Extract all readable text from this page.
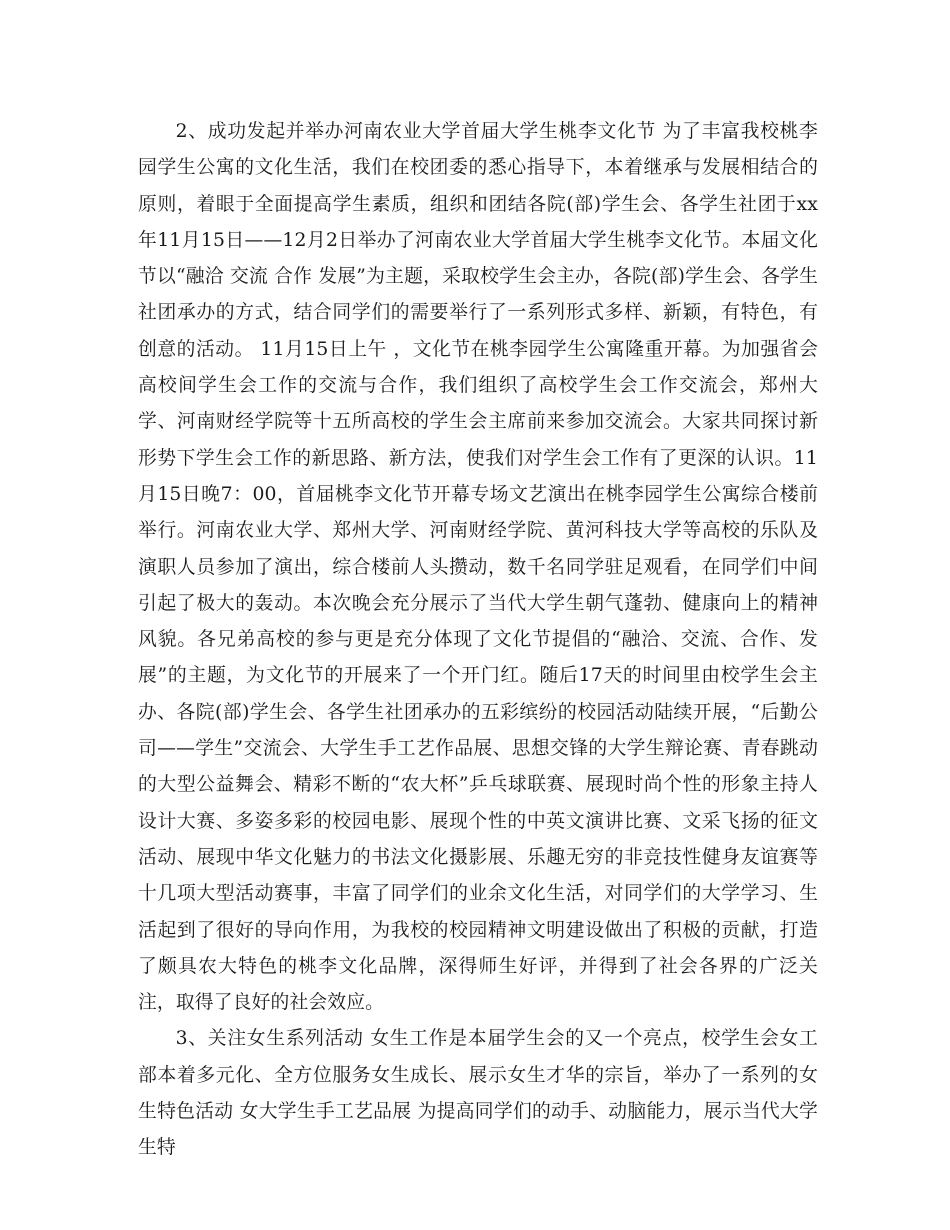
2、成功发起并举办河南农业大学首届大学生桃李文化节 为了丰富我校桃李园学生公寓的文化生活，我们在校团委的悉心指导下，本着继承与发展相结合的原则，着眼于全面提高学生素质，组织和团结各院(部)学生会、各学生社团于xx年11月15日——12月2日举办了河南农业大学首届大学生桃李文化节。本届文化节以“融洽 交流 合作 发展”为主题，采取校学生会主办，各院(部)学生会、各学生社团承办的方式，结合同学们的需要举行了一系列形式多样、新颖，有特色，有创意的活动。 11月15日上午 ，文化节在桃李园学生公寓隆重开幕。为加强省会高校间学生会工作的交流与合作，我们组织了高校学生会工作交流会，郑州大学、河南财经学院等十五所高校的学生会主席前来参加交流会。大家共同探讨新形势下学生会工作的新思路、新方法，使我们对学生会工作有了更深的认识。11月15日晚7：00，首届桃李文化节开幕专场文艺演出在桃李园学生公寓综合楼前举行。河南农业大学、郑州大学、河南财经学院、黄河科技大学等高校的乐队及演职人员参加了演出，综合楼前人头攒动，数千名同学驻足观看，在同学们中间引起了极大的轰动。本次晚会充分展示了当代大学生朝气蓬勃、健康向上的精神风貌。各兄弟高校的参与更是充分体现了文化节提倡的“融洽、交流、合作、发展”的主题，为文化节的开展来了一个开门红。随后17天的时间里由校学生会主办、各院(部)学生会、各学生社团承办的五彩缤纷的校园活动陆续开展，“后勤公司——学生”交流会、大学生手工艺作品展、思想交锋的大学生辩论赛、青春跳动的大型公益舞会、精彩不断的“农大杯”乒乓球联赛、展现时尚个性的形象主持人设计大赛、多姿多彩的校园电影、展现个性的中英文演讲比赛、文采飞扬的征文活动、展现中华文化魅力的书法文化摄影展、乐趣无穷的非竞技性健身友谊赛等十几项大型活动赛事，丰富了同学们的业余文化生活，对同学们的大学学习、生活起到了很好的导向作用，为我校的校园精神文明建设做出了积极的贡献，打造了颇具农大特色的桃李文化品牌，深得师生好评，并得到了社会各界的广泛关注，取得了良好的社会效应。

3、关注女生系列活动 女生工作是本届学生会的又一个亮点，校学生会女工部本着多元化、全方位服务女生成长、展示女生才华的宗旨，举办了一系列的女生特色活动 女大学生手工艺品展 为提高同学们的动手、动脑能力，展示当代大学生特
